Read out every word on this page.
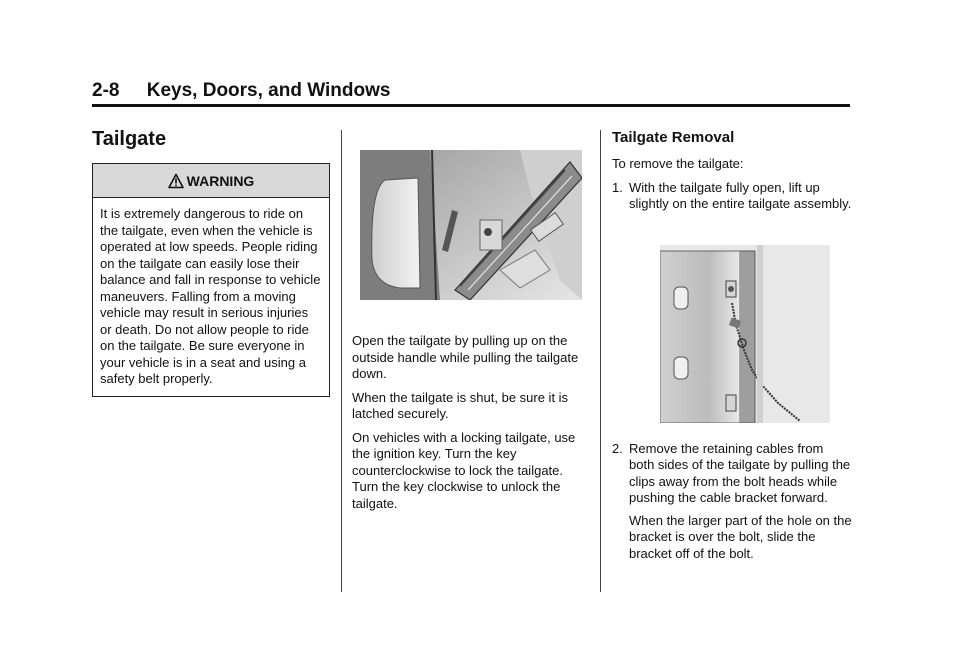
2-8 Keys, Doors, and Windows
Tailgate
WARNING
It is extremely dangerous to ride on the tailgate, even when the vehicle is operated at low speeds. People riding on the tailgate can easily lose their balance and fall in response to vehicle maneuvers. Falling from a moving vehicle may result in serious injuries or death. Do not allow people to ride on the tailgate. Be sure everyone in your vehicle is in a seat and using a safety belt properly.

Open the tailgate by pulling up on the outside handle while pulling the tailgate down.

When the tailgate is shut, be sure it is latched securely.

On vehicles with a locking tailgate, use the ignition key. Turn the key counterclockwise to lock the tailgate. Turn the key clockwise to unlock the tailgate.

Tailgate Removal

To remove the tailgate:

1. With the tailgate fully open, lift up slightly on the entire tailgate assembly.
2. Remove the retaining cables from both sides of the tailgate by pulling the clips away from the bolt heads while pushing the cable bracket forward.
When the larger part of the hole on the bracket is over the bolt, slide the bracket off of the bolt.
